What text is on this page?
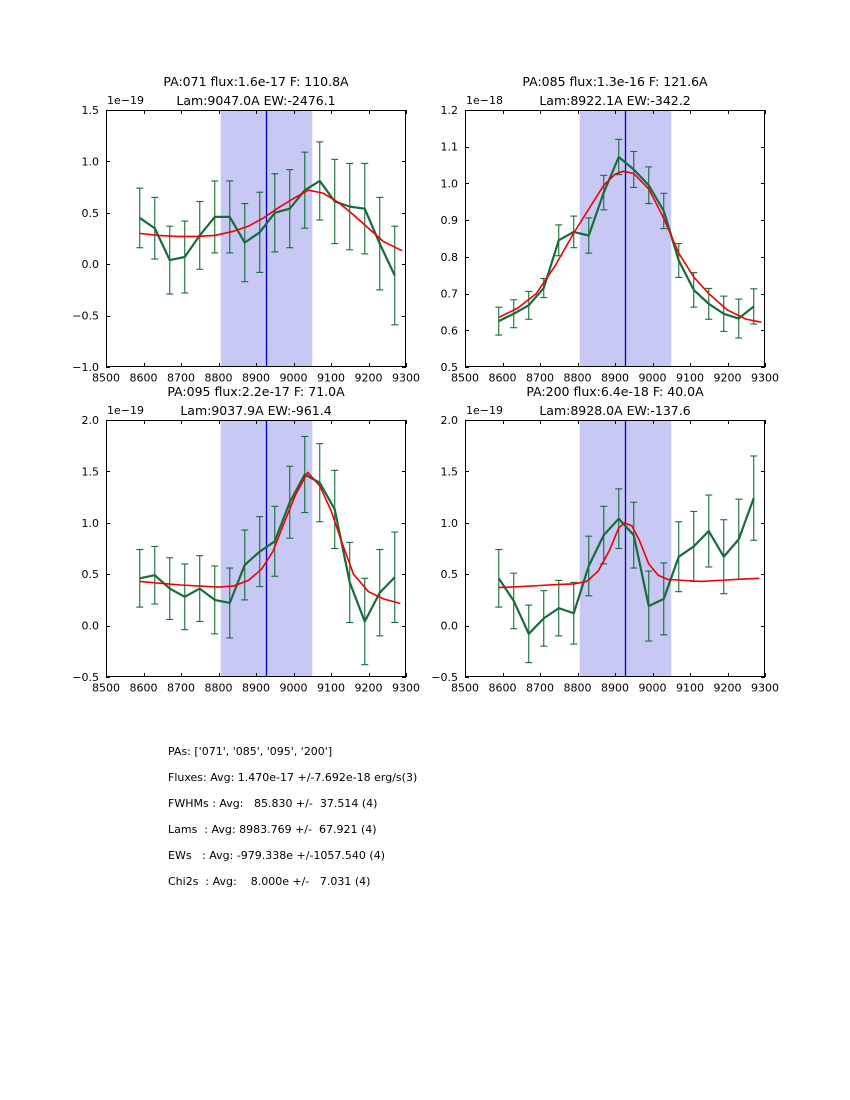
PA:071 flux:1.6e-17 F: 110.8A
Lam:9047.0A EW:-2476.1
1e−19
8500 8600 8700 8800 8900 9000 9100 9200 9300
−1.0
−0.5
0.0
0.5
1.0
1.5
PA:085 flux:1.3e-16 F: 121.6A
Lam:8922.1A EW:-342.2
1e−18
8500 8600 8700 8800 8900 9000 9100 9200 9300
0.5
0.6
0.7
0.8
0.9
1.0
1.1
1.2
PA:095 flux:2.2e-17 F: 71.0A
Lam:9037.9A EW:-961.4
1e−19
8500 8600 8700 8800 8900 9000 9100 9200 9300
−0.5
0.0
0.5
1.0
1.5
2.0
PA:200 flux:6.4e-18 F: 40.0A
Lam:8928.0A EW:-137.6
1e−19
8500 8600 8700 8800 8900 9000 9100 9200 9300
−0.5
0.0
0.5
1.0
1.5
2.0
PAs: ['071', '085', '095', '200']
Fluxes: Avg: 1.470e-17 +/-7.692e-18 erg/s(3)
FWHMs : Avg:   85.830 +/-  37.514 (4)
Lams  : Avg: 8983.769 +/-  67.921 (4)
EWs   : Avg: -979.338e +/-1057.540 (4)
Chi2s  : Avg:    8.000e +/-   7.031 (4)
